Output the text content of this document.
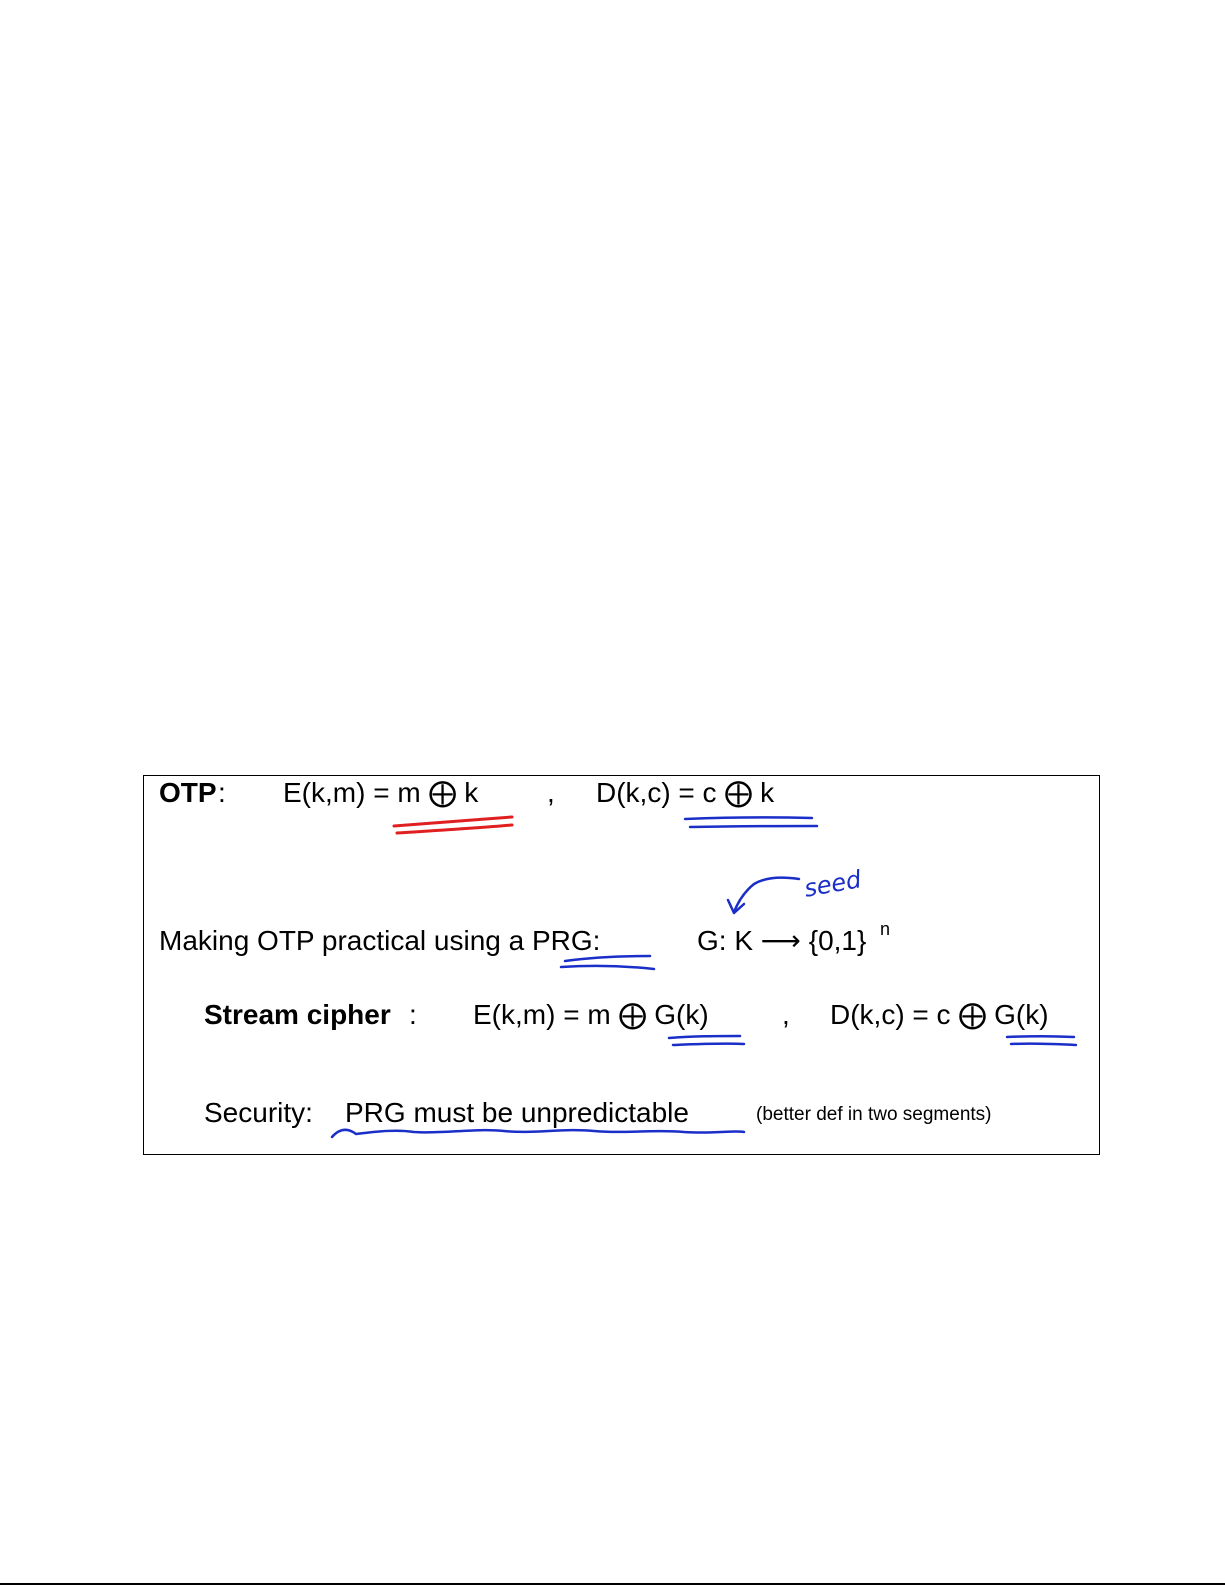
OTP : E(k,m) = m ⨁ k , D(k,c) = c ⨁ k
Making OTP practical using a PRG:	G: K ⟶ {0,1} n
seed
Stream cipher : E(k,m) = m ⨁ G(k)	, D(k,c) = c ⨁ G(k)
Security: PRG must be unpredictable	(better def in two segments)
